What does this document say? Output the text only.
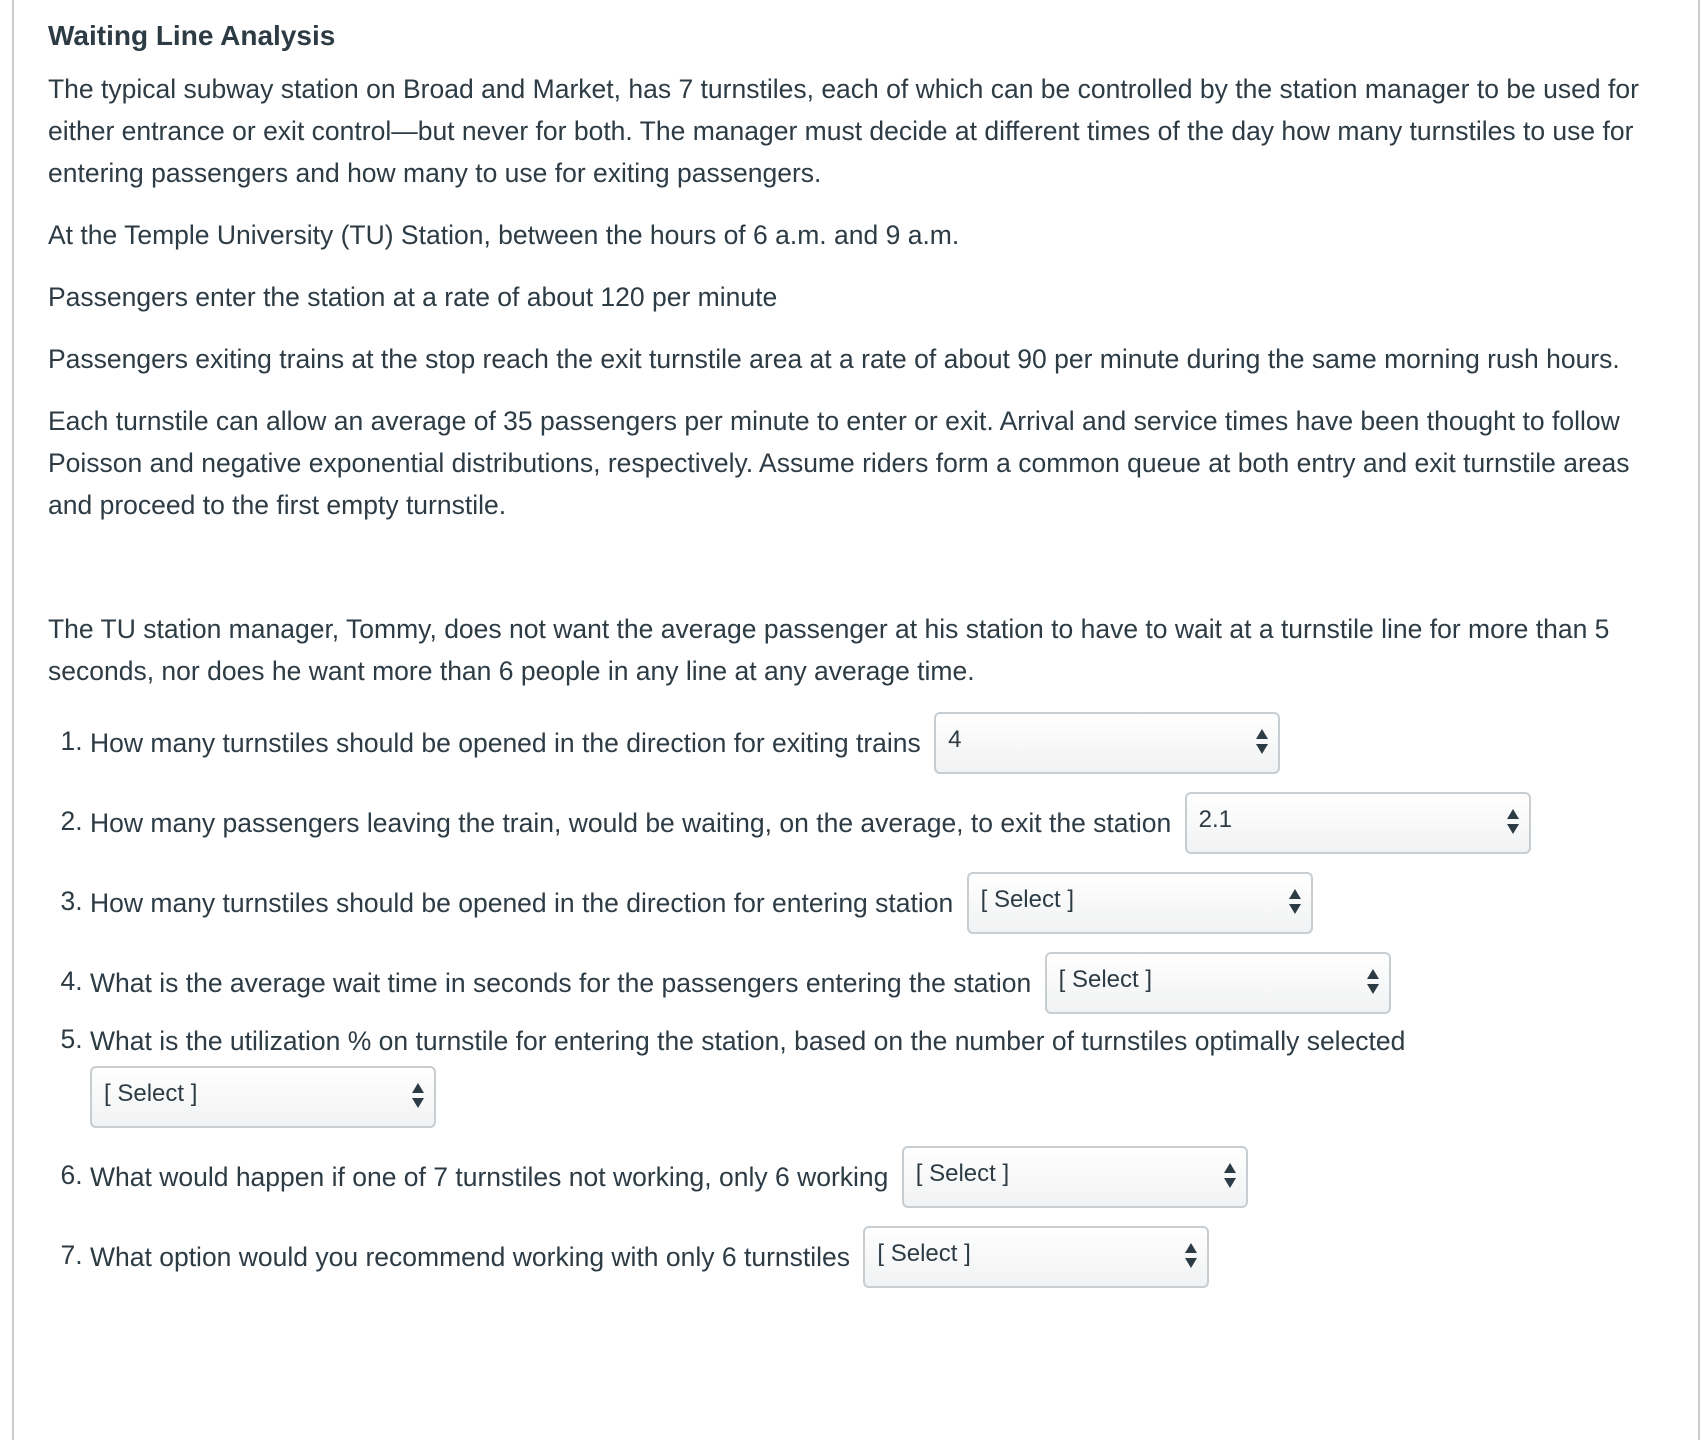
Waiting Line Analysis

The typical subway station on Broad and Market, has 7 turnstiles, each of which can be controlled by the station manager to be used for either entrance or exit control—but never for both. The manager must decide at different times of the day how many turnstiles to use for entering passengers and how many to use for exiting passengers.

At the Temple University (TU) Station, between the hours of 6 a.m. and 9 a.m.

Passengers enter the station at a rate of about 120 per minute

Passengers exiting trains at the stop reach the exit turnstile area at a rate of about 90 per minute during the same morning rush hours.

Each turnstile can allow an average of 35 passengers per minute to enter or exit. Arrival and service times have been thought to follow Poisson and negative exponential distributions, respectively. Assume riders form a common queue at both entry and exit turnstile areas and proceed to the first empty turnstile.

The TU station manager, Tommy, does not want the average passenger at his station to have to wait at a turnstile line for more than 5 seconds, nor does he want more than 6 people in any line at any average time.

1. How many turnstiles should be opened in the direction for exiting trains 4
2. How many passengers leaving the train, would be waiting, on the average, to exit the station 2.1
3. How many turnstiles should be opened in the direction for entering station [ Select ]
4. What is the average wait time in seconds for the passengers entering the station [ Select ]
5. What is the utilization % on turnstile for entering the station, based on the number of turnstiles optimally selected
[ Select ]
6. What would happen if one of 7 turnstiles not working, only 6 working [ Select ]
7. What option would you recommend working with only 6 turnstiles [ Select ]
